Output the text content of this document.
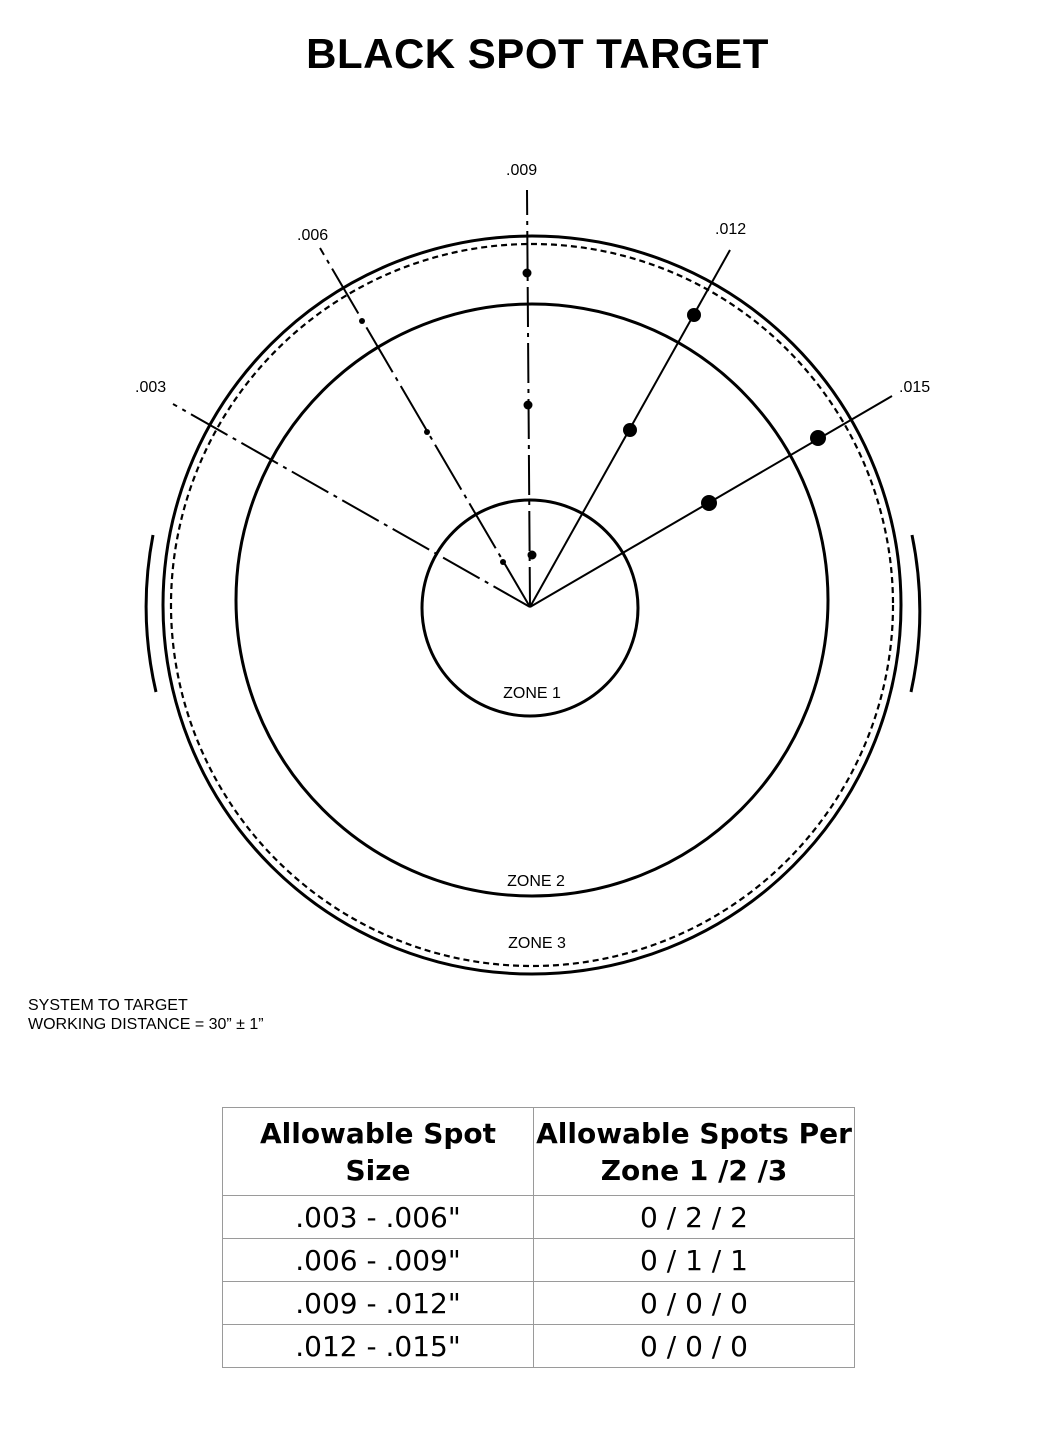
BLACK SPOT TARGET
.003
.006
.009
.012
.015
ZONE 1
ZONE 2
ZONE 3
SYSTEM TO TARGET
WORKING DISTANCE = 30” ± 1”
Allowable Spot Size	Allowable Spots Per Zone 1 /2 /3
.003 - .006"	0 / 2 / 2
.006 - .009"	0 / 1 / 1
.009 - .012"	0 / 0 / 0
.012 - .015"	0 / 0 / 0
